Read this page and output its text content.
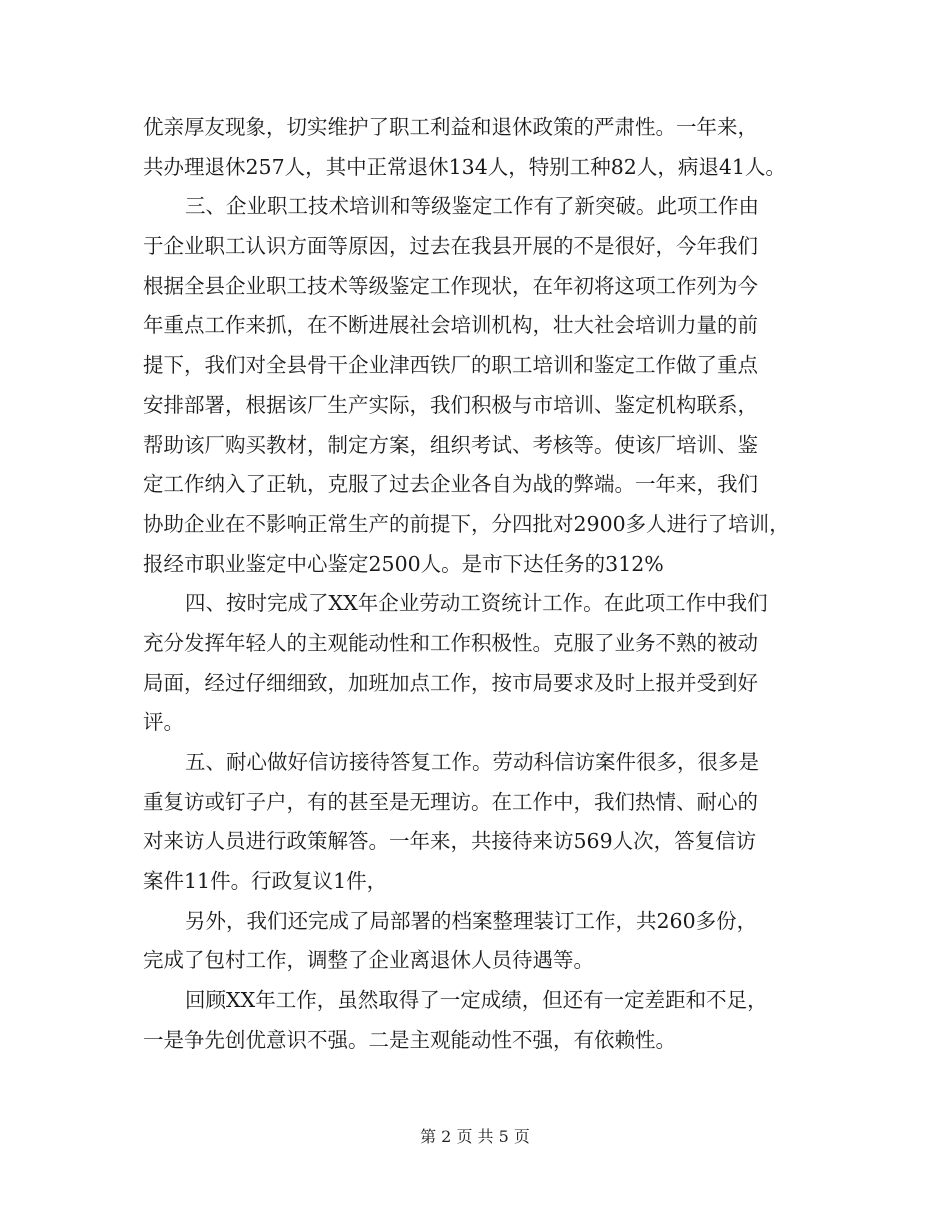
优亲厚友现象，切实维护了职工利益和退休政策的严肃性。一年来，
共办理退休257人，其中正常退休134人，特别工种82人，病退41人。
三、企业职工技术培训和等级鉴定工作有了新突破。此项工作由
于企业职工认识方面等原因，过去在我县开展的不是很好，今年我们
根据全县企业职工技术等级鉴定工作现状，在年初将这项工作列为今
年重点工作来抓，在不断进展社会培训机构，壮大社会培训力量的前
提下，我们对全县骨干企业津西铁厂的职工培训和鉴定工作做了重点
安排部署，根据该厂生产实际，我们积极与市培训、鉴定机构联系，
帮助该厂购买教材，制定方案，组织考试、考核等。使该厂培训、鉴
定工作纳入了正轨，克服了过去企业各自为战的弊端。一年来，我们
协助企业在不影响正常生产的前提下，分四批对2900多人进行了培训，
报经市职业鉴定中心鉴定2500人。是市下达任务的312%
四、按时完成了XX年企业劳动工资统计工作。在此项工作中我们
充分发挥年轻人的主观能动性和工作积极性。克服了业务不熟的被动
局面，经过仔细细致，加班加点工作，按市局要求及时上报并受到好
评。
五、耐心做好信访接待答复工作。劳动科信访案件很多，很多是
重复访或钉子户，有的甚至是无理访。在工作中，我们热情、耐心的
对来访人员进行政策解答。一年来，共接待来访569人次，答复信访
案件11件。行政复议1件，
另外，我们还完成了局部署的档案整理装订工作，共260多份，
完成了包村工作，调整了企业离退休人员待遇等。
回顾XX年工作，虽然取得了一定成绩，但还有一定差距和不足，
一是争先创优意识不强。二是主观能动性不强，有依赖性。
第 2 页 共 5 页
